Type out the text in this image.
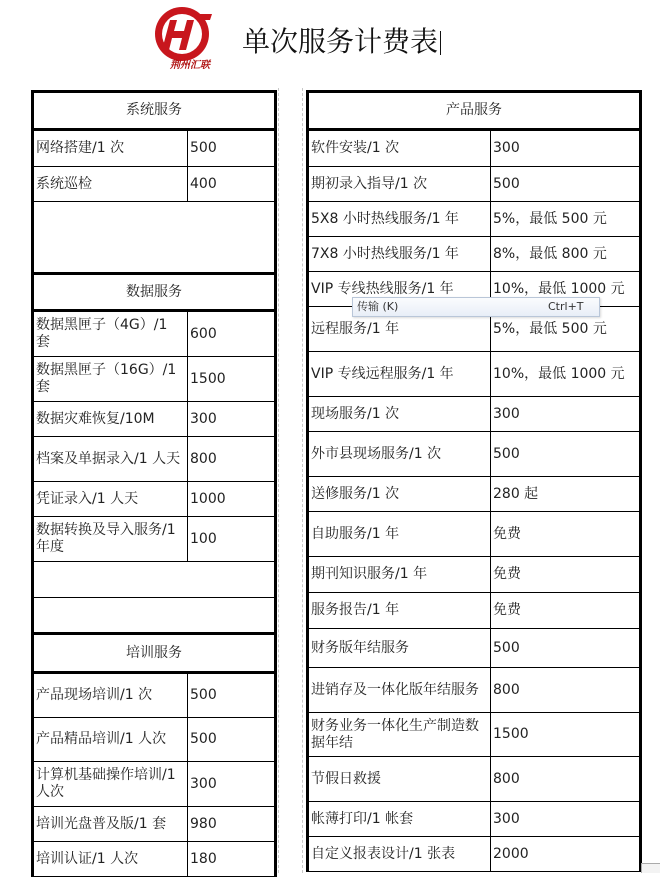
荆州汇联
单次服务计费表
系统服务	
网络搭建/1 次	500
系统巡检	400

数据服务	
数据黑匣子（4G）/1 套	600
数据黑匣子（16G）/1 套	1500
数据灾难恢复/10M	300
档案及单据录入/1 人天	800
凭证录入/1 人天	1000
数据转换及导入服务/1 年度	100

培训服务	
产品现场培训/1 次	500
产品精品培训/1 人次	500
计算机基础操作培训/1 人次	300
培训光盘普及版/1 套	980
培训认证/1 人次	180
产品服务	
软件安装/1 次	300
期初录入指导/1 次	500
5X8 小时热线服务/1 年	5%，最低 500 元
7X8 小时热线服务/1 年	8%，最低 800 元
VIP 专线热线服务/1 年	10%，最低 1000 元
远程服务/1 年	5%，最低 500 元
VIP 专线远程服务/1 年	10%，最低 1000 元
现场服务/1 次	300
外市县现场服务/1 次	500
送修服务/1 次	280 起
自助服务/1 年	免费
期刊知识服务/1 年	免费
服务报告/1 年	免费
财务版年结服务	500
进销存及一体化版年结服务	800
财务业务一体化生产制造数据年结	1500
节假日救援	800
帐薄打印/1 帐套	300
自定义报表设计/1 张表	2000
传输 (K)	Ctrl+T
